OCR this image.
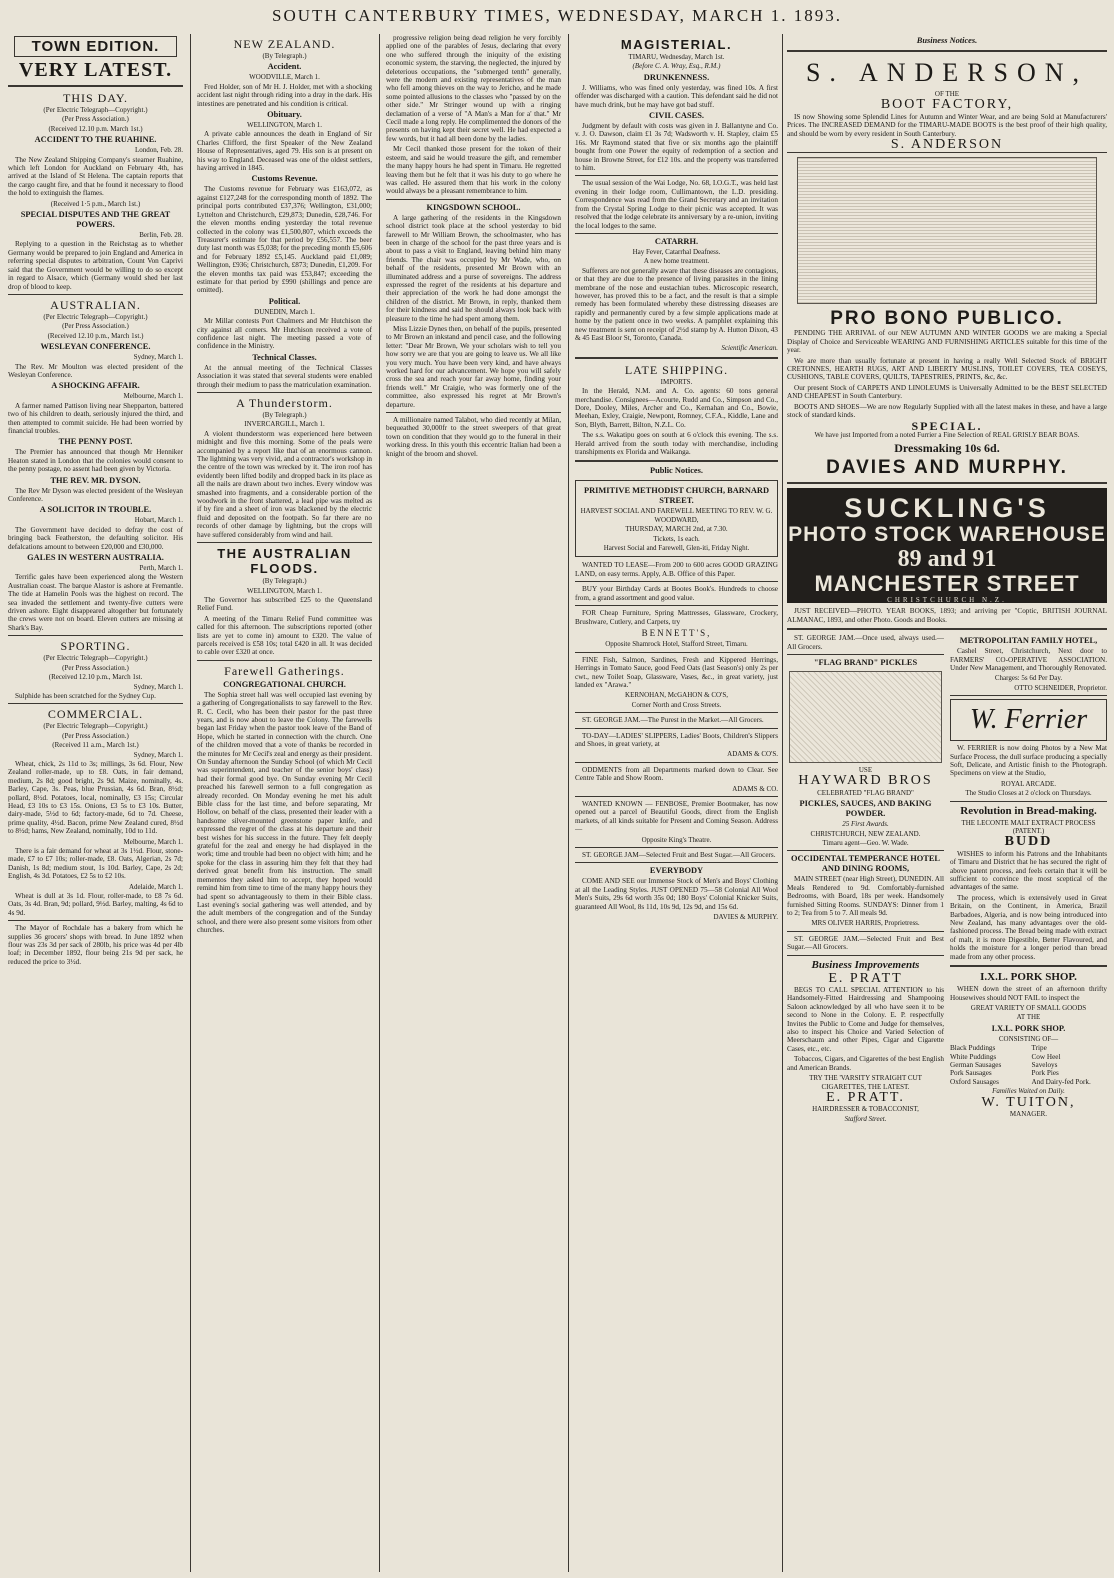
SOUTH CANTERBURY TIMES, WEDNESDAY, MARCH 1. 1893.
TOWN EDITION.
VERY LATEST.
THIS DAY.
(Per Electric Telegraph—Copyright.)
(Per Press Association.)
(Received 12.10 p.m. March 1st.)
ACCIDENT TO THE RUAHINE.
London, Feb. 28.

The New Zealand Shipping Company's steamer Ruahine, which left London for Auckland on February 4th, has arrived at the Island of St Helena. The captain reports that the cargo caught fire, and that he found it necessary to flood the hold to extinguish the flames.

(Received 1·5 p.m., March 1st.)
SPECIAL DISPUTES AND THE GREAT POWERS.
Berlin, Feb. 28.

Replying to a question in the Reichstag as to whether Germany would be prepared to join England and America in referring special disputes to arbitration, Count Von Caprivi said that the Government would be willing to do so except in regard to Alsace, which (Germany would shed her last drop of blood to keep.

AUSTRALIAN.
(Per Electric Telegraph—Copyright.)
(Per Press Association.)
(Received 12.10 p.m., March 1st.)
WESLEYAN CONFERENCE.
Sydney, March 1.

The Rev. Mr Moulton was elected president of the Wesleyan Conference.

A SHOCKING AFFAIR.
Melbourne, March 1.

A farmer named Pattison living near Shepparton, battered two of his children to death, seriously injured the third, and then attempted to commit suicide. He had been worried by financial troubles.

THE PENNY POST.

The Premier has announced that though Mr Henniker Heaton stated in London that the colonies would consent to the penny postage, no assent had been given by Victoria.

THE REV. MR. DYSON.

The Rev Mr Dyson was elected president of the Wesleyan Conference.

A SOLICITOR IN TROUBLE.
Hobart, March 1.

The Government have decided to defray the cost of bringing back Featherston, the defaulting solicitor. His defalcations amount to between £20,000 and £30,000.

GALES IN WESTERN AUSTRALIA.
Perth, March 1.

Terrific gales have been experienced along the Western Australian coast. The barque Alastor is ashore at Fremantle. The tide at Hamelin Pools was the highest on record. The sea invaded the settlement and twenty-five cutters were driven ashore. Eight disappeared altogether but fortunately the crews were not on board. Eleven cutters are missing at Shark's Bay.

SPORTING.
(Per Electric Telegraph—Copyright.)
(Per Press Association.)
(Received 12.10 p.m., March 1st.
Sydney, March 1.

Sulphide has been scratched for the Sydney Cup.

COMMERCIAL.
(Per Electric Telegraph—Copyright.)
(Per Press Association.)
(Received 11 a.m., March 1st.)
Sydney, March 1.

Wheat, chick, 2s 11d to 3s; millings, 3s 6d. Flour, New Zealand roller-made, up to £8. Oats, in fair demand, medium, 2s 8d; good bright, 2s 9d. Maize, nominally, 4s. Barley, Cape, 3s. Peas, blue Prussian, 4s 6d. Bran, 8½d; pollard, 8½d. Potatoes, local, nominally, £3 15s; Circular Head, £3 10s to £3 15s. Onions, £3 5s to £3 10s. Butter, dairy-made, 5½d to 6d; factory-made, 6d to 7d. Cheese, prime quality, 4½d. Bacon, prime New Zealand cured, 8½d to 8½d; hams, New Zealand, nominally, 10d to 11d.

Melbourne, March 1.

There is a fair demand for wheat at 3s 1½d. Flour, stone-made, £7 to £7 10s; roller-made, £8. Oats, Algerian, 2s 7d; Danish, 1s 8d; medium stout, 1s 10d. Barley, Cape, 2s 2d; English, 4s 3d. Potatoes, £2 5s to £2 10s.

Adelaide, March 1.

Wheat is dull at 3s 1d. Flour, roller-made, to £8 7s 6d. Oats, 3s 4d. Bran, 9d; pollard, 9½d. Barley, malting, 4s 6d to 4s 9d.

The Mayor of Rochdale has a bakery from which he supplies 36 grocers' shops with bread. In June 1892 when flour was 23s 3d per sack of 280lb, his price was 4d per 4lb loaf; in December 1892, flour being 21s 9d per sack, he reduced the price to 3½d.

NEW ZEALAND.
(By Telegraph.)
Accident.
WOODVILLE, March 1.

Fred Holder, son of Mr H. J. Holder, met with a shocking accident last night through riding into a dray in the dark. His intestines are penetrated and his condition is critical.

Obituary.
WELLINGTON, March 1.

A private cable announces the death in England of Sir Charles Clifford, the first Speaker of the New Zealand House of Representatives, aged 79. His son is at present on his way to England. Deceased was one of the oldest settlers, having arrived in 1845.

Customs Revenue.

The Customs revenue for February was £163,072, as against £127,248 for the corresponding month of 1892. The principal ports contributed £37,376; Wellington, £31,000; Lyttelton and Christchurch, £29,873; Dunedin, £28,746. For the eleven months ending yesterday the total revenue collected in the colony was £1,500,807, which exceeds the Treasurer's estimate for that period by £56,557. The beer duty last month was £5,038; for the preceding month £5,606 and for February 1892 £5,145. Auckland paid £1,089; Wellington, £936; Christchurch, £873; Dunedin, £1,209. For the eleven months tax paid was £53,847; exceeding the estimate for that period by £990 (shillings and pence are omitted).

Political.
DUNEDIN, March 1.

Mr Millar contests Port Chalmers and Mr Hutchison the city against all comers. Mr Hutchison received a vote of confidence last night. The meeting passed a vote of confidence in the Ministry.

Technical Classes.

At the annual meeting of the Technical Classes Association it was stated that several students were enabled through their medium to pass the matriculation examination.

A Thunderstorm.
(By Telegraph.)
INVERCARGILL, March 1.

A violent thunderstorm was experienced here between midnight and five this morning. Some of the peals were accompanied by a report like that of an enormous cannon. The lightning was very vivid, and a contractor's workshop in the centre of the town was wrecked by it. The iron roof has evidently been lifted bodily and dropped back in its place as all the nails are drawn about two inches. Every window was smashed into fragments, and a considerable portion of the woodwork in the front shattered, a lead pipe was melted as if by fire and a sheet of iron was blackened by the electric fluid and deposited on the footpath. So far there are no records of other damage by lightning, but the crops will have suffered considerably from wind and hail.

THE AUSTRALIAN FLOODS.
(By Telegraph.)
WELLINGTON, March 1.

The Governor has subscribed £25 to the Queensland Relief Fund.

A meeting of the Timaru Relief Fund committee was called for this afternoon. The subscriptions reported (other lists are yet to come in) amount to £320. The value of parcels received is £58 10s; total £420 in all. It was decided to cable over £320 at once.

Farewell Gatherings.
CONGREGATIONAL CHURCH.

The Sophia street hall was well occupied last evening by a gathering of Congregationalists to say farewell to the Rev. R. C. Cecil, who has been their pastor for the past three years, and is now about to leave the Colony. The farewells began last Friday when the pastor took leave of the Band of Hope, which he started in connection with the church. One of the children moved that a vote of thanks be recorded in the minutes for Mr Cecil's zeal and energy as their president. On Sunday afternoon the Sunday School (of which Mr Cecil was superintendent, and teacher of the senior boys' class) had their formal good bye. On Sunday evening Mr Cecil preached his farewell sermon to a full congregation as already recorded. On Monday evening he met his adult Bible class for the last time, and before separating, Mr Hollow, on behalf of the class, presented their leader with a handsome silver-mounted greenstone paper knife, and expressed the regret of the class at his departure and their best wishes for his success in the future. They felt deeply grateful for the zeal and energy he had displayed in the work; time and trouble had been no object with him; and he spoke for the class in assuring him they felt that they had derived great benefit from his instruction. The small mementos they asked him to accept, they hoped would remind him from time to time of the many happy hours they had spent so advantageously to them in their Bible class. Last evening's social gathering was well attended, and by the adult members of the congregation and of the Sunday school, and there were also present some visitors from other churches.

progressive religion being dead religion he very forcibly applied one of the parables of Jesus, declaring that every one who suffered through the iniquity of the existing economic system, the starving, the neglected, the injured by deleterious occupations, the "submerged tenth" generally, were the modern and existing representatives of the man who fell among thieves on the way to Jericho, and he made some pointed allusions to the classes who "passed by on the other side." Mr Stringer wound up with a ringing declamation of a verse of "A Man's a Man for a' that." Mr Cecil made a long reply. He complimented the donors of the presents on having kept their secret well. He had expected a few words, but it had all been done by the ladies.

Mr Cecil thanked those present for the token of their esteem, and said he would treasure the gift, and remember the many happy hours he had spent in Timaru. He regretted leaving them but he felt that it was his duty to go where he was called. He assured them that his work in the colony would always be a pleasant remembrance to him.

KINGSDOWN SCHOOL.

A large gathering of the residents in the Kingsdown school district took place at the school yesterday to bid farewell to Mr William Brown, the schoolmaster, who has been in charge of the school for the past three years and is about to pass a visit to England, leaving behind him many friends. The chair was occupied by Mr Wade, who, on behalf of the residents, presented Mr Brown with an illuminated address and a purse of sovereigns. The address expressed the regret of the residents at his departure and their appreciation of the work he had done amongst the children of the district. Mr Brown, in reply, thanked them for their kindness and said he should always look back with pleasure to the time he had spent among them.

Miss Lizzie Dynes then, on behalf of the pupils, presented to Mr Brown an inkstand and pencil case, and the following letter: "Dear Mr Brown, We your scholars wish to tell you how sorry we are that you are going to leave us. We all like you very much. You have been very kind, and have always worked hard for our advancement. We hope you will safely cross the sea and reach your far away home, finding your friends well." Mr Craigie, who was formerly one of the committee, also expressed his regret at Mr Brown's departure.

A millionaire named Talabot, who died recently at Milan, bequeathed 30,000fr to the street sweepers of that great town on condition that they would go to the funeral in their working dress. In this youth this eccentric Italian had been a knight of the broom and shovel.

MAGISTERIAL.
TIMARU, Wednesday, March 1st.
(Before C. A. Wray, Esq., R.M.)
DRUNKENNESS.

J. Williams, who was fined only yesterday, was fined 10s. A first offender was discharged with a caution. This defendant said he did not have much drink, but he may have got bad stuff.

CIVIL CASES.

Judgment by default with costs was given in J. Ballantyne and Co. v. J. O. Dawson, claim £1 3s 7d; Wadsworth v. H. Stapley, claim £5 16s. Mr Raymond stated that five or six months ago the plaintiff bought from one Power the equity of redemption of a section and house in Browne Street, for £12 10s. and the property was transferred to him.

The usual session of the Wai Lodge, No. 68, I.O.G.T., was held last evening in their lodge room, Cullimantown, the L.D. presiding. Correspondence was read from the Grand Secretary and an invitation from the Crystal Spring Lodge to their picnic was accepted. It was resolved that the lodge celebrate its anniversary by a re-union, inviting the local lodges to the same.

CATARRH.
Hay Fever, Catarrhal Deafness.
A new home treatment.

Sufferers are not generally aware that these diseases are contagious, or that they are due to the presence of living parasites in the lining membrane of the nose and eustachian tubes. Microscopic research, however, has proved this to be a fact, and the result is that a simple remedy has been formulated whereby these distressing diseases are rapidly and permanently cured by a few simple applications made at home by the patient once in two weeks. A pamphlet explaining this new treatment is sent on receipt of 2½d stamp by A. Hutton Dixon, 43 & 45 East Bloor St, Toronto, Canada.

Scientific American.
LATE SHIPPING.
IMPORTS.

In the Herald, N.M. and A. Co. agents: 60 tons general merchandise. Consignees—Acourte, Rudd and Co., Simpson and Co., Dore, Dooley, Miles, Archer and Co., Kernahan and Co., Bowie, Meehan, Exley, Craigie, Newpont, Romney, C.F.A., Kiddle, Lane and Son, Blyth, Barrett, Bilton, N.Z.L. Co.

The s.s. Wakatipu goes on south at 6 o'clock this evening. The s.s. Herald arrived from the south today with merchandise, including transhipments ex Florida and Waikanga.

Public Notices.
PRIMITIVE METHODIST CHURCH, BARNARD STREET.
HARVEST SOCIAL AND FAREWELL MEETING TO REV. W. G. WOODWARD,
THURSDAY, MARCH 2nd, at 7.30.
Tickets, 1s each.
Harvest Social and Farewell, Glen-iti, Friday Night.

WANTED TO LEASE—From 200 to 600 acres GOOD GRAZING LAND, on easy terms. Apply, A.B. Office of this Paper.

BUY your Birthday Cards at Bootes Book's. Hundreds to choose from, a grand assortment and good value.

FOR Cheap Furniture, Spring Mattresses, Glassware, Crockery, Brushware, Cutlery, and Carpets, try

BENNETT'S,
Opposite Shamrock Hotel, Stafford Street, Timaru.

FINE Fish, Salmon, Sardines, Fresh and Kippered Herrings, Herrings in Tomato Sauce, good Feed Oats (last Season's) only 2s per cwt., new Toilet Soap, Glassware, Vases, &c., in great variety, just landed ex "Arawa."

KERNOHAN, McGAHON & CO'S,
Corner North and Cross Streets.

ST. GEORGE JAM.—The Purest in the Market.—All Grocers.

TO-DAY—LADIES' SLIPPERS, Ladies' Boots, Children's Slippers and Shoes, in great variety, at

ADAMS & CO'S.

ODDMENTS from all Departments marked down to Clear. See Centre Table and Show Room.

ADAMS & CO.

WANTED KNOWN — FENBOSE, Premier Bootmaker, has now opened out a parcel of Beautiful Goods, direct from the English markets, of all kinds suitable for Present and Coming Season. Address—

Opposite King's Theatre.

ST. GEORGE JAM—Selected Fruit and Best Sugar.—All Grocers.

EVERYBODY

COME AND SEE our Immense Stock of Men's and Boys' Clothing at all the Leading Styles. JUST OPENED 75—58 Colonial All Wool Men's Suits, 29s 6d worth 35s 0d; 180 Boys' Colonial Knicker Suits, guaranteed All Wool, 8s 11d, 10s 9d, 12s 9d, and 15s 6d.

DAVIES & MURPHY.
Business Notices.
S. ANDERSON,
OF THE
BOOT FACTORY,

IS now Showing some Splendid Lines for Autumn and Winter Wear, and are being Sold at Manufacturers' Prices. The INCREASED DEMAND for the TIMARU-MADE BOOTS is the best proof of their high quality, and should be worn by every resident in South Canterbury.

S. ANDERSON
PRO BONO PUBLICO.

PENDING THE ARRIVAL of our NEW AUTUMN AND WINTER GOODS we are making a Special Display of Choice and Serviceable WEARING AND FURNISHING ARTICLES suitable for this time of the year.

We are more than usually fortunate at present in having a really Well Selected Stock of BRIGHT CRETONNES, HEARTH RUGS, ART AND LIBERTY MUSLINS, TOILET COVERS, TEA COSEYS, CUSHIONS, TABLE COVERS, QUILTS, TAPESTRIES, PRINTS, &c, &c.

Our present Stock of CARPETS AND LINOLEUMS is Universally Admitted to be the BEST SELECTED AND CHEAPEST in South Canterbury.

BOOTS AND SHOES—We are now Regularly Supplied with all the latest makes in these, and have a large stock of standard kinds.

SPECIAL.
We have just Imported from a noted Furrier a Fine Selection of REAL GRISLY BEAR BOAS.
Dressmaking 10s 6d.
DAVIES AND MURPHY.
SUCKLING'S
PHOTO STOCK WAREHOUSE
89 and 91
MANCHESTER STREET
CHRISTCHURCH N.Z.

JUST RECEIVED—PHOTO. YEAR BOOKS, 1893; and arriving per "Coptic, BRITISH JOURNAL ALMANAC, 1893, and other Photo. Goods and Books.

ST. GEORGE JAM.—Once used, always used.—All Grocers.

"FLAG BRAND" PICKLES
USE
HAYWARD BROS
CELEBRATED "FLAG BRAND"
PICKLES, SAUCES, AND BAKING POWDER.
25 First Awards.
CHRISTCHURCH, NEW ZEALAND.
Timaru agent—Geo. W. Wade.
OCCIDENTAL TEMPERANCE HOTEL AND DINING ROOMS,

MAIN STREET (near High Street), DUNEDIN. All Meals Rendered to 9d. Comfortably-furnished Bedrooms, with Board, 18s per week. Handsomely furnished Sitting Rooms. SUNDAYS: Dinner from 1 to 2; Tea from 5 to 7. All meals 9d.

MRS OLIVER HARRIS, Proprietress.

ST. GEORGE JAM.—Selected Fruit and Best Sugar.—All Grocers.

Business Improvements
E. PRATT

BEGS TO CALL SPECIAL ATTENTION to his Handsomely-Fitted Hairdressing and Shampooing Saloon acknowledged by all who have seen it to be second to None in the Colony. E. P. respectfully Invites the Public to Come and Judge for themselves, also to inspect his Choice and Varied Selection of Meerschaum and other Pipes, Cigar and Cigarette Cases, etc., etc.

Tobaccos, Cigars, and Cigarettes of the best English and American Brands.

TRY THE 'VARSITY STRAIGHT CUT CIGARETTES, THE LATEST.
E. PRATT.
HAIRDRESSER & TOBACCONIST,
Stafford Street.
METROPOLITAN FAMILY HOTEL,

Cashel Street, Christchurch, Next door to FARMERS' CO-OPERATIVE ASSOCIATION. Under New Management, and Thoroughly Renovated.

Charges: 5s 6d Per Day.
OTTO SCHNEIDER, Proprietor.
W. Ferrier

W. FERRIER is now doing Photos by a New Mat Surface Process, the dull surface producing a specially Soft, Delicate, and Artistic finish to the Photograph. Specimens on view at the Studio,

ROYAL ARCADE.
The Studio Closes at 2 o'clock on Thursdays.
Revolution in Bread-making.
THE LECONTE MALT EXTRACT PROCESS (PATENT.)
BUDD

WISHES to inform his Patrons and the Inhabitants of Timaru and District that he has secured the right of above patent process, and feels certain that it will be sufficient to convince the most sceptical of the advantages of the same.

The process, which is extensively used in Great Britain, on the Continent, in America, Brazil Barbadoes, Algeria, and is now being introduced into New Zealand, has many advantages over the old-fashioned process. The Bread being made with extract of malt, it is more Digestible, Better Flavoured, and holds the moisture for a longer period than bread made from any other process.

I.X.L. PORK SHOP.

WHEN down the street of an afternoon thrifty Housewives should NOT FAIL to inspect the

GREAT VARIETY OF SMALL GOODS
AT THE
I.X.L. PORK SHOP.
CONSISTING OF—
Black Puddings
White Puddings
German Sausages
Pork Sausages
Oxford Sausages
Tripe
Cow Heel
Saveloys
Pork Pies
And Dairy-fed Pork.
Families Waited on Daily.
W. TUITON,
MANAGER.
